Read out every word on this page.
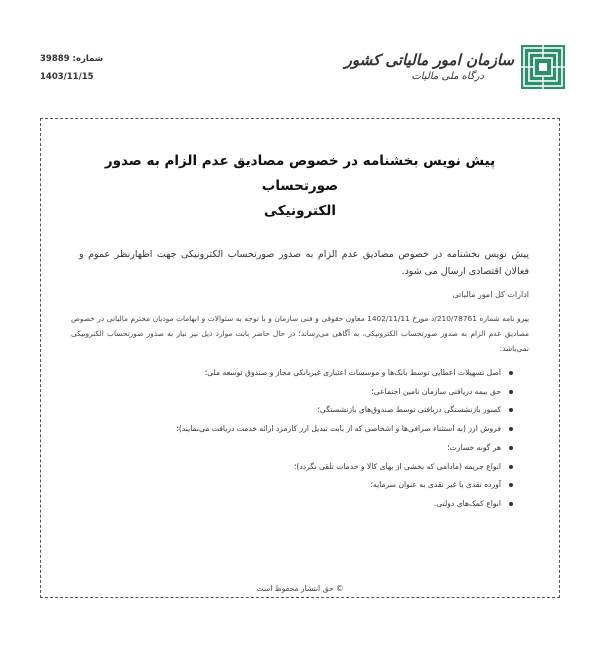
شماره: 39889
1403/11/15
سازمان امور مالیاتی کشور
درگاه ملی مالیات
پیش نویس بخشنامه در خصوص مصادیق عدم الزام به صدور صورتحساب
الکترونیکی
پیش نویس بخشنامه در خصوص مصادیق عدم الزام به صدور صورتحساب الکترونیکی جهت اظهارنظر عموم و فعالان اقتصادی ارسال می شود.
ادارات کل امور مالیاتی
پیرو نامه شماره 210/78761/د مورخ 1402/11/11 معاون حقوقی و فنی سازمان و با توجه به سئوالات و ابهامات مودیان محترم مالیاتی در خصوص مصادیق عدم الزام به صدور صورتحساب الکترونیکی، به آگاهی می‌رساند؛ در حال حاضر بابت موارد ذیل نیز نیاز به صدور صورتحساب الکترونیکی نمی‌باشد:
اصل تسهیلات اعطایی توسط بانک‌ها و موسسات اعتباری غیربانکی مجاز و صندوق توسعه ملی؛
حق بیمه دریافتی سازمان تامین اجتماعی؛
کسور بازنشستگی دریافتی توسط صندوق‌های بازنشستگی؛
فروش ارز (به استثناء صرافی‌ها و اشخاصی که از بابت تبدیل ارز کارمزد ارائه خدمت دریافت می‌نمایند)؛
هر گونه خسارت؛
انواع جریمه (مادامی که بخشی از بهای کالا و خدمات تلقی نگردد)؛
آورده نقدی یا غیر نقدی به عنوان سرمایه؛
انواع کمک‌های دولتی.
© حق انتشار محفوظ است
